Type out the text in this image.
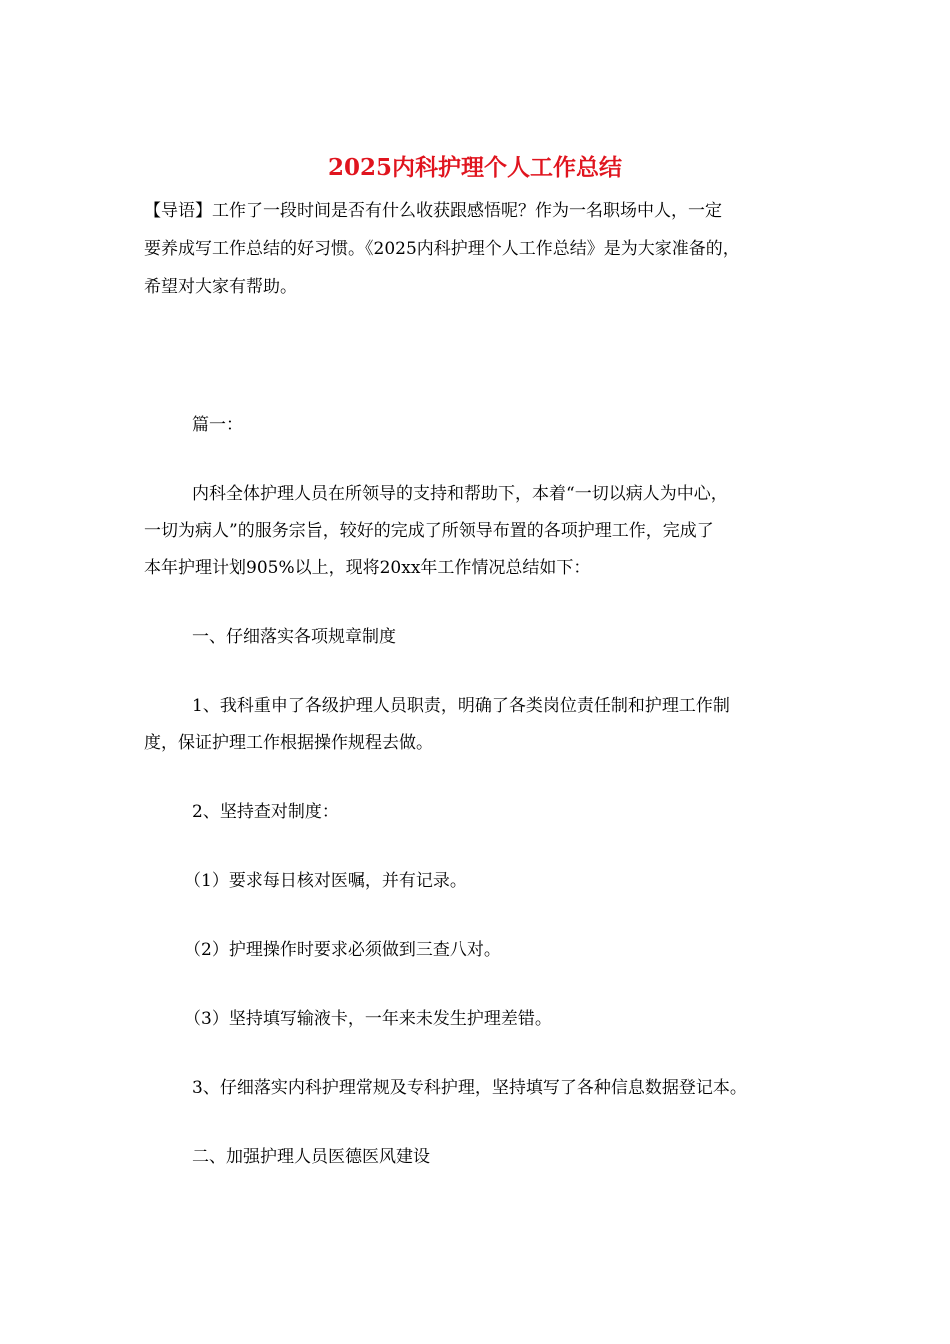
2025内科护理个人工作总结
【导语】工作了一段时间是否有什么收获跟感悟呢？作为一名职场中人，一定
要养成写工作总结的好习惯。《2025内科护理个人工作总结》是为大家准备的，
希望对大家有帮助。
篇一：
内科全体护理人员在所领导的支持和帮助下，本着“一切以病人为中心，
一切为病人”的服务宗旨，较好的完成了所领导布置的各项护理工作，完成了
本年护理计划905%以上，现将20xx年工作情况总结如下：
一、仔细落实各项规章制度
1、我科重申了各级护理人员职责，明确了各类岗位责任制和护理工作制
度，保证护理工作根据操作规程去做。
2、坚持查对制度：
（1）要求每日核对医嘱，并有记录。
（2）护理操作时要求必须做到三查八对。
（3）坚持填写输液卡，一年来未发生护理差错。
3、仔细落实内科护理常规及专科护理，坚持填写了各种信息数据登记本。
二、加强护理人员医德医风建设
